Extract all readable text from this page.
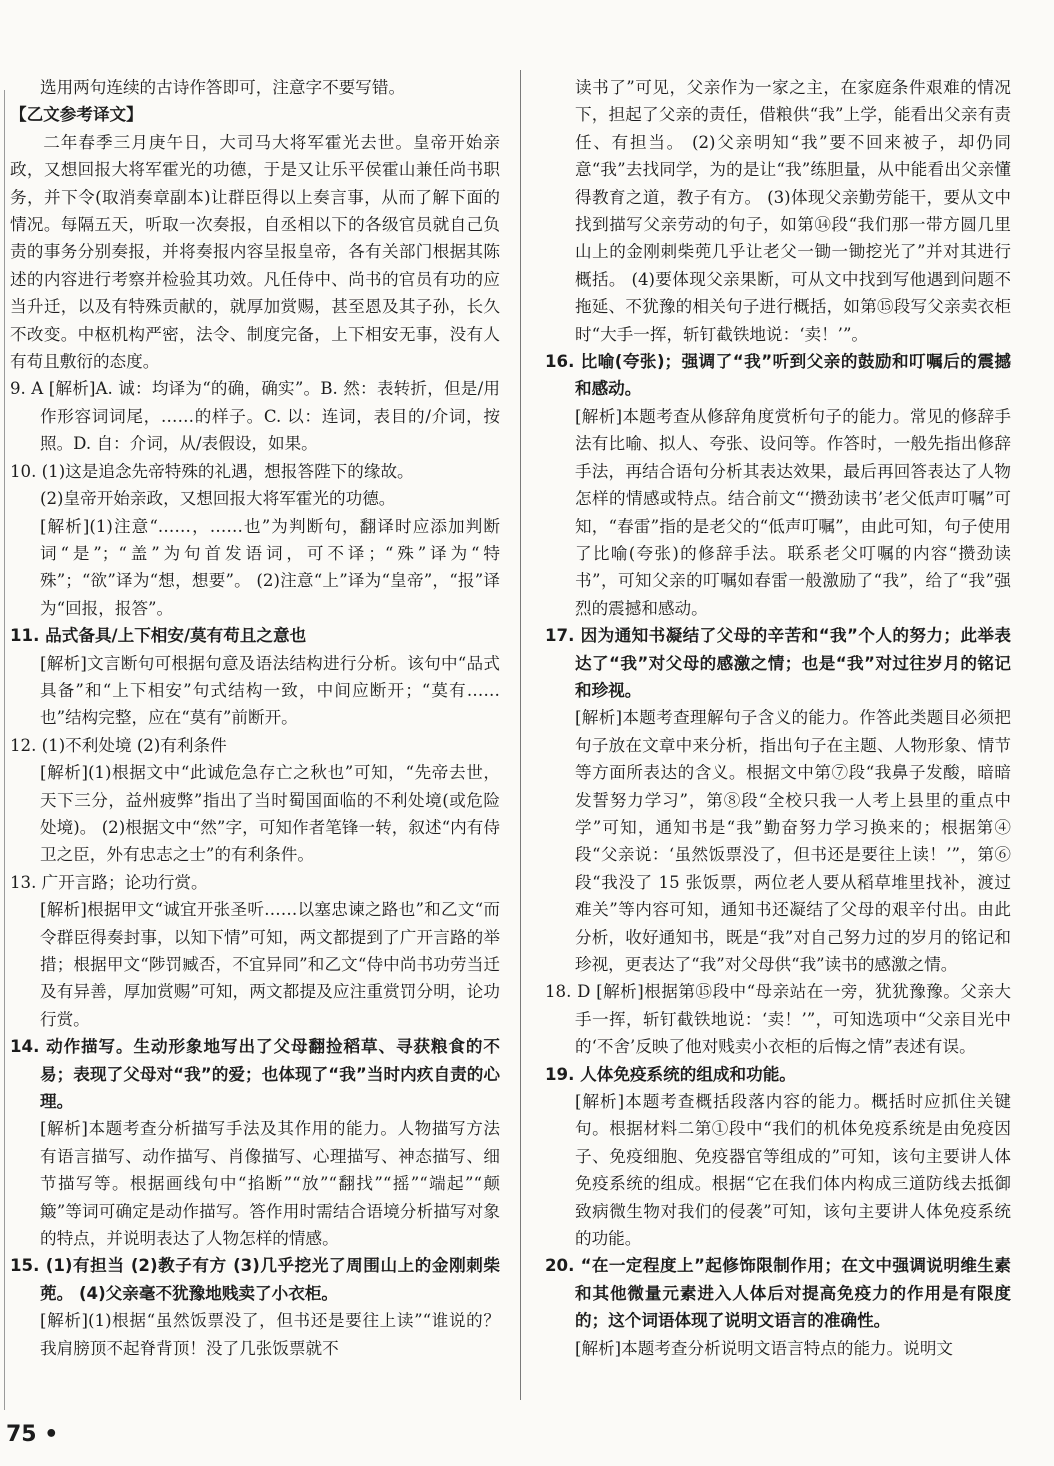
选用两句连续的古诗作答即可，注意字不要写错。

【乙文参考译文】

二年春季三月庚午日，大司马大将军霍光去世。皇帝开始亲政，又想回报大将军霍光的功德，于是又让乐平侯霍山兼任尚书职务，并下令(取消奏章副本)让群臣得以上奏言事，从而了解下面的情况。每隔五天，听取一次奏报，自丞相以下的各级官员就自己负责的事务分别奏报，并将奏报内容呈报皇帝，各有关部门根据其陈述的内容进行考察并检验其功效。凡任侍中、尚书的官员有功的应当升迁，以及有特殊贡献的，就厚加赏赐，甚至恩及其子孙，长久不改变。中枢机构严密，法令、制度完备，上下相安无事，没有人有苟且敷衍的态度。

9. A [解析]A. 诚：均译为“的确，确实”。B. 然：表转折，但是/用作形容词词尾，……的样子。C. 以：连词，表目的/介词，按照。D. 自：介词，从/表假设，如果。

10. (1)这是追念先帝特殊的礼遇，想报答陛下的缘故。

(2)皇帝开始亲政，又想回报大将军霍光的功德。

[解析](1)注意“……，……也”为判断句，翻译时应添加判断词“是”；“盖”为句首发语词，可不译；“殊”译为“特殊”；“欲”译为“想，想要”。 (2)注意“上”译为“皇帝”，“报”译为“回报，报答”。

11. 品式备具/上下相安/莫有苟且之意也

[解析]文言断句可根据句意及语法结构进行分析。该句中“品式具备”和“上下相安”句式结构一致，中间应断开；“莫有……也”结构完整，应在“莫有”前断开。

12. (1)不利处境 (2)有利条件

[解析](1)根据文中“此诚危急存亡之秋也”可知，“先帝去世，天下三分，益州疲弊”指出了当时蜀国面临的不利处境(或危险处境)。 (2)根据文中“然”字，可知作者笔锋一转，叙述“内有侍卫之臣，外有忠志之士”的有利条件。

13. 广开言路；论功行赏。

[解析]根据甲文“诚宜开张圣听……以塞忠谏之路也”和乙文“而令群臣得奏封事，以知下情”可知，两文都提到了广开言路的举措；根据甲文“陟罚臧否，不宜异同”和乙文“侍中尚书功劳当迁及有异善，厚加赏赐”可知，两文都提及应注重赏罚分明，论功行赏。

14. 动作描写。生动形象地写出了父母翻捡稻草、寻获粮食的不易；表现了父母对“我”的爱；也体现了“我”当时内疚自责的心理。

[解析]本题考查分析描写手法及其作用的能力。人物描写方法有语言描写、动作描写、肖像描写、心理描写、神态描写、细节描写等。根据画线句中“掐断”“放”“翻找”“摇”“端起”“颠簸”等词可确定是动作描写。答作用时需结合语境分析描写对象的特点，并说明表达了人物怎样的情感。

15. (1)有担当 (2)教子有方 (3)几乎挖光了周围山上的金刚刺柴蔸。 (4)父亲毫不犹豫地贱卖了小衣柜。

[解析](1)根据“虽然饭票没了，但书还是要往上读”“谁说的？我肩膀顶不起脊背顶！没了几张饭票就不

读书了”可见，父亲作为一家之主，在家庭条件艰难的情况下，担起了父亲的责任，借粮供“我”上学，能看出父亲有责任、有担当。 (2)父亲明知“我”要不回来被子，却仍同意“我”去找同学，为的是让“我”练胆量，从中能看出父亲懂得教育之道，教子有方。 (3)体现父亲勤劳能干，要从文中找到描写父亲劳动的句子，如第⑭段“我们那一带方圆几里山上的金刚刺柴蔸几乎让老父一锄一锄挖光了”并对其进行概括。 (4)要体现父亲果断，可从文中找到写他遇到问题不拖延、不犹豫的相关句子进行概括，如第⑮段写父亲卖衣柜时“大手一挥，斩钉截铁地说：‘卖！’”。

16. 比喻(夸张)；强调了“我”听到父亲的鼓励和叮嘱后的震撼和感动。

[解析]本题考查从修辞角度赏析句子的能力。常见的修辞手法有比喻、拟人、夸张、设问等。作答时，一般先指出修辞手法，再结合语句分析其表达效果，最后再回答表达了人物怎样的情感或特点。结合前文“‘攒劲读书’老父低声叮嘱”可知，“春雷”指的是老父的“低声叮嘱”，由此可知，句子使用了比喻(夸张)的修辞手法。联系老父叮嘱的内容“攒劲读书”，可知父亲的叮嘱如春雷一般激励了“我”，给了“我”强烈的震撼和感动。

17. 因为通知书凝结了父母的辛苦和“我”个人的努力；此举表达了“我”对父母的感激之情；也是“我”对过往岁月的铭记和珍视。

[解析]本题考查理解句子含义的能力。作答此类题目必须把句子放在文章中来分析，指出句子在主题、人物形象、情节等方面所表达的含义。根据文中第⑦段“我鼻子发酸，暗暗发誓努力学习”，第⑧段“全校只我一人考上县里的重点中学”可知，通知书是“我”勤奋努力学习换来的；根据第④段“父亲说：‘虽然饭票没了，但书还是要往上读！’”，第⑥段“我没了 15 张饭票，两位老人要从稻草堆里找补，渡过难关”等内容可知，通知书还凝结了父母的艰辛付出。由此分析，收好通知书，既是“我”对自己努力过的岁月的铭记和珍视，更表达了“我”对父母供“我”读书的感激之情。

18. D [解析]根据第⑮段中“母亲站在一旁，犹犹豫豫。父亲大手一挥，斩钉截铁地说：‘卖！’”，可知选项中“父亲目光中的‘不舍’反映了他对贱卖小衣柜的后悔之情”表述有误。

19. 人体免疫系统的组成和功能。

[解析]本题考查概括段落内容的能力。概括时应抓住关键句。根据材料二第①段中“我们的机体免疫系统是由免疫因子、免疫细胞、免疫器官等组成的”可知，该句主要讲人体免疫系统的组成。根据“它在我们体内构成三道防线去抵御致病微生物对我们的侵袭”可知，该句主要讲人体免疫系统的功能。

20. “在一定程度上”起修饰限制作用；在文中强调说明维生素和其他微量元素进入人体后对提高免疫力的作用是有限度的；这个词语体现了说明文语言的准确性。

[解析]本题考查分析说明文语言特点的能力。说明文

75 •
